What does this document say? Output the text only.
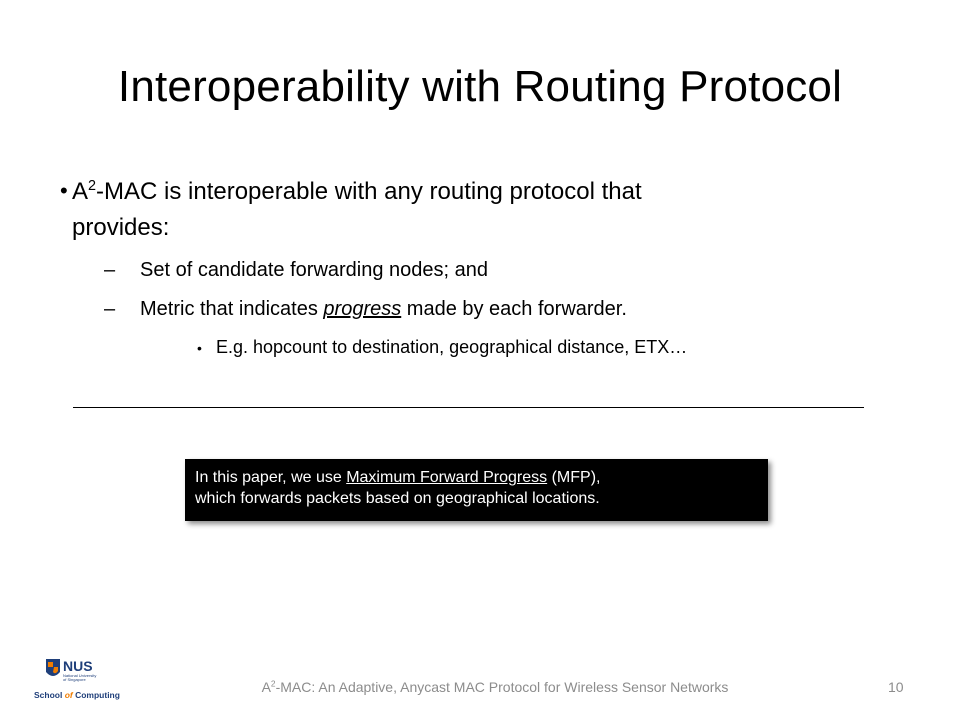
Interoperability with Routing Protocol
• $A^2$-MAC is interoperable with any routing protocol that
provides:
– Set of candidate forwarding nodes; and
– Metric that indicates progress made by each forwarder.
• E.g. hopcount to destination, geographical distance, ETX…
In this paper, we use Maximum Forward Progress (MFP),
which forwards packets based on geographical locations.
NUS
National University
of Singapore
School of Computing	$A^2$-MAC: An Adaptive, Anycast MAC Protocol for Wireless Sensor Networks	10
